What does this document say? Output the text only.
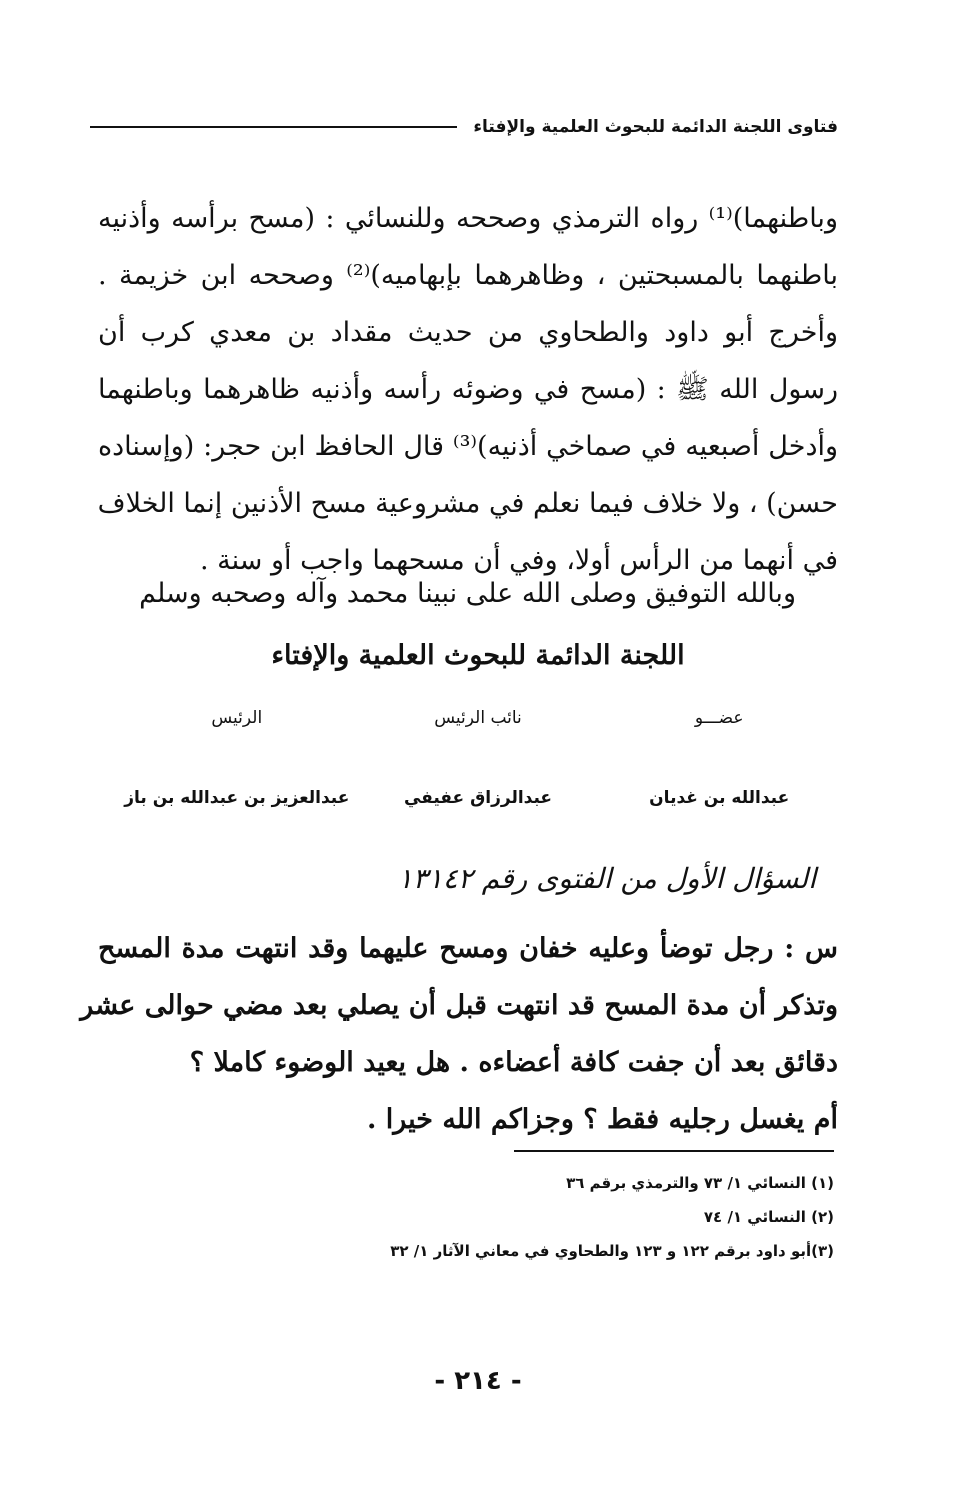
فتاوى اللجنة الدائمة للبحوث العلمية والإفتاء
وباطنهما)⁽¹⁾ رواه الترمذي وصححه وللنسائي : (مسح برأسه وأذنيه
باطنهما بالمسبحتين ، وظاهرهما بإبهاميه)⁽²⁾ وصححه ابن خزيمة .
وأخرج أبو داود والطحاوي من حديث مقداد بن معدي كرب أن
رسول الله ﷺ : (مسح في وضوئه رأسه وأذنيه ظاهرهما وباطنهما
وأدخل أصبعيه في صماخي أذنيه)⁽³⁾ قال الحافظ ابن حجر: (وإسناده
حسن) ، ولا خلاف فيما نعلم في مشروعية مسح الأذنين إنما الخلاف
في أنهما من الرأس أولا، وفي أن مسحهما واجب أو سنة .
وبالله التوفيق وصلى الله على نبينا محمد وآله وصحبه وسلم
اللجنة الدائمة للبحوث العلمية والإفتاء
عضـــو
نائب الرئيس
الرئيس
عبدالله بن غديان
عبدالرزاق عفيفي
عبدالعزيز بن عبدالله بن باز
السؤال الأول من الفتوى رقم ١٣١٤٢
س : رجل توضأ وعليه خفان ومسح عليهما وقد انتهت مدة المسح
وتذكر أن مدة المسح قد انتهت قبل أن يصلي بعد مضي حوالى عشر
دقائق بعد أن جفت كافة أعضاءه . هل يعيد الوضوء كاملا ؟
أم يغسل رجليه فقط ؟ وجزاكم الله خيرا .
(١) النسائي ١/ ٧٣ والترمذي برقم ٣٦
(٢) النسائي ١/ ٧٤
(٣)أبو داود برقم ١٢٢ و ١٢٣ والطحاوي في معاني الآثار ١/ ٣٢
- ٢١٤ -
